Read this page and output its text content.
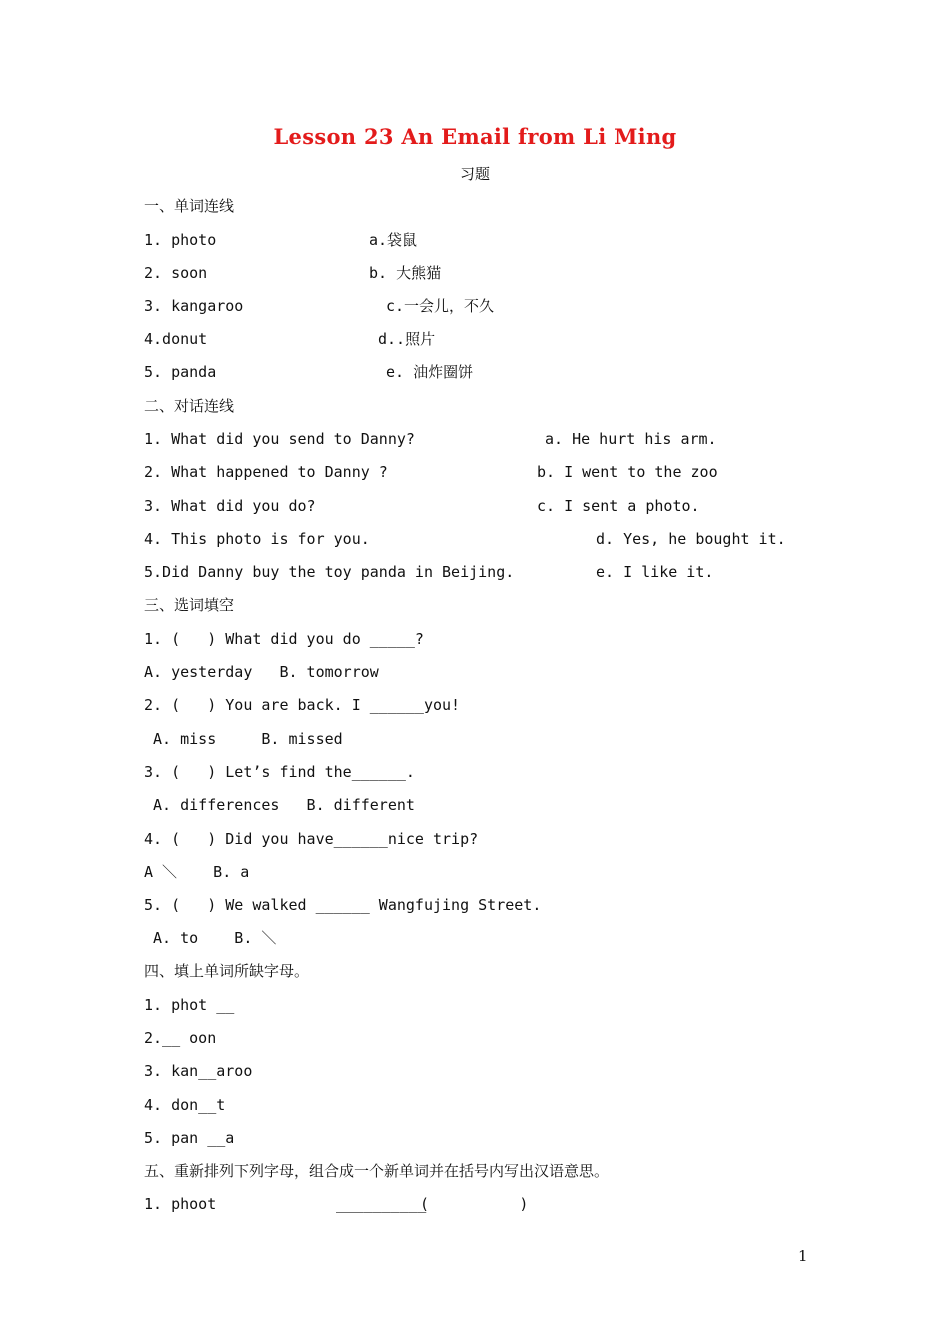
Lesson 23 An Email from Li Ming
习题
一、单词连线
1. photo	a.袋鼠
2. soon	b. 大熊猫
3. kangaroo	c.一会儿，不久
4.donut	d..照片
5. panda	e. 油炸圈饼
二、对话连线
1. What did you send to Danny?	a. He hurt his arm.
2. What happened to Danny ?	b. I went to the zoo
3. What did you do?	c. I sent a photo.
4. This photo is for you.	d. Yes, he bought it.
5.Did Danny buy the toy panda in Beijing.	e. I like it.
三、选词填空
1. (   ) What did you do _____?
A. yesterday   B. tomorrow
2. (   ) You are back. I ______you!
A. miss     B. missed
3. (   ) Let’s find the______.
A. differences   B. different
4. (   ) Did you have______nice trip?
A ＼    B. a
5. (   ) We walked ______ Wangfujing Street.
A. to    B. ＼
四、填上单词所缺字母。
1. phot __
2.__ oon
3. kan__aroo
4. don__t
5. pan __a
五、重新排列下列字母，组合成一个新单词并在括号内写出汉语意思。
1. phoot	__________
(          )
1
